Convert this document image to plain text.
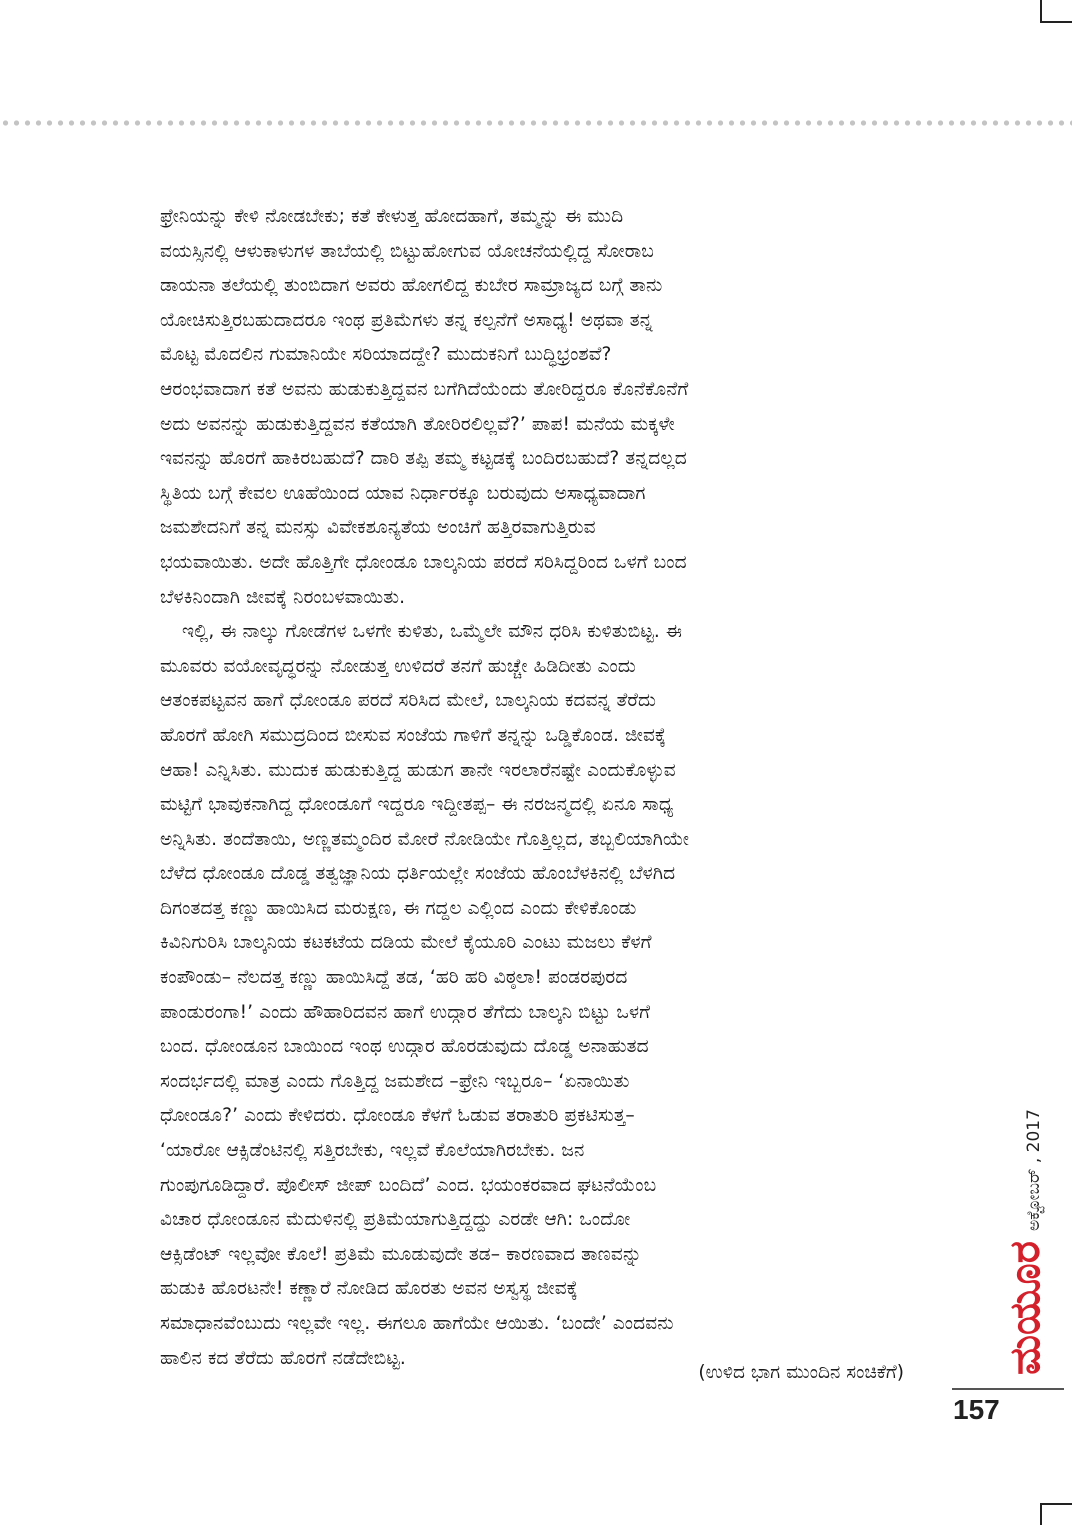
ಫ್ರೇನಿಯನ್ನು ಕೇಳಿ ನೋಡಬೇಕು; ಕತೆ ಕೇಳುತ್ತ ಹೋದಹಾಗೆ, ತಮ್ಮನ್ನು ಈ ಮುದಿ
ವಯಸ್ಸಿನಲ್ಲಿ ಆಳುಕಾಳುಗಳ ತಾಬೆಯಲ್ಲಿ ಬಿಟ್ಟುಹೋಗುವ ಯೋಚನೆಯಲ್ಲಿದ್ದ ಸೋರಾಬ
ಡಾಯನಾ ತಲೆಯಲ್ಲಿ ತುಂಬಿದಾಗ ಅವರು ಹೋಗಲಿದ್ದ ಕುಬೇರ ಸಾಮ್ರಾಜ್ಯದ ಬಗ್ಗೆ ತಾನು
ಯೋಚಿಸುತ್ತಿರಬಹುದಾದರೂ ಇಂಥ ಪ್ರತಿಮೆಗಳು ತನ್ನ ಕಲ್ಪನೆಗೆ ಅಸಾಧ್ಯ! ಅಥವಾ ತನ್ನ
ಮೊಟ್ಟ ಮೊದಲಿನ ಗುಮಾನಿಯೇ ಸರಿಯಾದದ್ದೇ? ಮುದುಕನಿಗೆ ಬುದ್ಧಿಭ್ರಂಶವೆ?
ಆರಂಭವಾದಾಗ ಕತೆ ಅವನು ಹುಡುಕುತ್ತಿದ್ದವನ ಬಗೆಗಿದೆಯೆಂದು ತೋರಿದ್ದರೂ ಕೊನೆಕೊನೆಗೆ
ಅದು ಅವನನ್ನು ಹುಡುಕುತ್ತಿದ್ದವನ ಕತೆಯಾಗಿ ತೋರಿರಲಿಲ್ಲವೆ?’ ಪಾಪ! ಮನೆಯ ಮಕ್ಕಳೇ
ಇವನನ್ನು ಹೊರಗೆ ಹಾಕಿರಬಹುದೆ? ದಾರಿ ತಪ್ಪಿ ತಮ್ಮ ಕಟ್ಟಡಕ್ಕೆ ಬಂದಿರಬಹುದೆ? ತನ್ನದಲ್ಲದ
ಸ್ಥಿತಿಯ ಬಗ್ಗೆ ಕೇವಲ ಊಹೆಯಿಂದ ಯಾವ ನಿರ್ಧಾರಕ್ಕೂ ಬರುವುದು ಅಸಾಧ್ಯವಾದಾಗ
ಜಮಶೇದನಿಗೆ ತನ್ನ ಮನಸ್ಸು ವಿವೇಕಶೂನ್ಯತೆಯ ಅಂಚಿಗೆ ಹತ್ತಿರವಾಗುತ್ತಿರುವ
ಭಯವಾಯಿತು. ಅದೇ ಹೊತ್ತಿಗೇ ಧೋಂಡೂ ಬಾಲ್ಕನಿಯ ಪರದೆ ಸರಿಸಿದ್ದರಿಂದ ಒಳಗೆ ಬಂದ
ಬೆಳಕಿನಿಂದಾಗಿ ಜೀವಕ್ಕೆ ನಿರಂಬಳವಾಯಿತು.

ಇಲ್ಲಿ, ಈ ನಾಲ್ಕು ಗೋಡೆಗಳ ಒಳಗೇ ಕುಳಿತು, ಒಮ್ಮೆಲೇ ಮೌನ ಧರಿಸಿ ಕುಳಿತುಬಿಟ್ಟ. ಈ
ಮೂವರು ವಯೋವೃದ್ಧರನ್ನು ನೋಡುತ್ತ ಉಳಿದರೆ ತನಗೆ ಹುಚ್ಚೇ ಹಿಡಿದೀತು ಎಂದು
ಆತಂಕಪಟ್ಟವನ ಹಾಗೆ ಧೋಂಡೂ ಪರದೆ ಸರಿಸಿದ ಮೇಲೆ, ಬಾಲ್ಕನಿಯ ಕದವನ್ನ ತೆರೆದು
ಹೊರಗೆ ಹೋಗಿ ಸಮುದ್ರದಿಂದ ಬೀಸುವ ಸಂಜೆಯ ಗಾಳಿಗೆ ತನ್ನನ್ನು ಒಡ್ಡಿಕೊಂಡ. ಜೀವಕ್ಕೆ
ಆಹಾ! ಎನ್ನಿಸಿತು. ಮುದುಕ ಹುಡುಕುತ್ತಿದ್ದ ಹುಡುಗ ತಾನೇ ಇರಲಾರೆನಷ್ಟೇ ಎಂದುಕೊಳ್ಳುವ
ಮಟ್ಟಿಗೆ ಭಾವುಕನಾಗಿದ್ದ ಧೋಂಡೂಗೆ ಇದ್ದರೂ ಇದ್ದೀತಪ್ಪ– ಈ ನರಜನ್ಮದಲ್ಲಿ ಏನೂ ಸಾಧ್ಯ
ಅನ್ನಿಸಿತು. ತಂದೆತಾಯಿ, ಅಣ್ಣತಮ್ಮಂದಿರ ಮೋರೆ ನೋಡಿಯೇ ಗೊತ್ತಿಲ್ಲದ, ತಬ್ಬಲಿಯಾಗಿಯೇ
ಬೆಳೆದ ಧೋಂಡೂ ದೊಡ್ಡ ತತ್ವಜ್ಞಾನಿಯ ಧರ್ತಿಯಲ್ಲೇ ಸಂಜೆಯ ಹೊಂಬೆಳಕಿನಲ್ಲಿ ಬೆಳಗಿದ
ದಿಗಂತದತ್ತ ಕಣ್ಣು ಹಾಯಿಸಿದ ಮರುಕ್ಷಣ, ಈ ಗದ್ದಲ ಎಲ್ಲಿಂದ ಎಂದು ಕೇಳಿಕೊಂಡು
ಕಿವಿನಿಗುರಿಸಿ ಬಾಲ್ಕನಿಯ ಕಟಕಟೆಯ ದಡಿಯ ಮೇಲೆ ಕೈಯೂರಿ ಎಂಟು ಮಜಲು ಕೆಳಗೆ
ಕಂಪೌಂಡು– ನೆಲದತ್ತ ಕಣ್ಣು ಹಾಯಿಸಿದ್ದೆ ತಡ, ‘ಹರಿ ಹರಿ ವಿಠ್ಠಲಾ! ಪಂಡರಪುರದ
ಪಾಂಡುರಂಗಾ!’ ಎಂದು ಹೌಹಾರಿದವನ ಹಾಗೆ ಉದ್ಗಾರ ತೆಗೆದು ಬಾಲ್ಕನಿ ಬಿಟ್ಟು ಒಳಗೆ
ಬಂದ. ಧೋಂಡೂನ ಬಾಯಿಂದ ಇಂಥ ಉದ್ಗಾರ ಹೊರಡುವುದು ದೊಡ್ಡ ಅನಾಹುತದ
ಸಂದರ್ಭದಲ್ಲಿ ಮಾತ್ರ ಎಂದು ಗೊತ್ತಿದ್ದ ಜಮಶೇದ –ಫ್ರೇನಿ ಇಬ್ಬರೂ– ‘ಏನಾಯಿತು
ಧೋಂಡೂ?’ ಎಂದು ಕೇಳಿದರು. ಧೋಂಡೂ ಕೆಳಗೆ ಓಡುವ ತರಾತುರಿ ಪ್ರಕಟಿಸುತ್ತ–
‘ಯಾರೋ ಆಕ್ಸಿಡೆಂಟಿನಲ್ಲಿ ಸತ್ತಿರಬೇಕು, ಇಲ್ಲವೆ ಕೊಲೆಯಾಗಿರಬೇಕು. ಜನ
ಗುಂಪುಗೂಡಿದ್ದಾರೆ. ಪೊಲೀಸ್ ಜೀಪ್ ಬಂದಿದೆ’ ಎಂದ. ಭಯಂಕರವಾದ ಘಟನೆಯೆಂಬ
ವಿಚಾರ ಧೋಂಡೂನ ಮೆದುಳಿನಲ್ಲಿ ಪ್ರತಿಮೆಯಾಗುತ್ತಿದ್ದದ್ದು ಎರಡೇ ಆಗಿ: ಒಂದೋ
ಆಕ್ಸಿಡೆಂಟ್ ಇಲ್ಲವೋ ಕೊಲೆ! ಪ್ರತಿಮೆ ಮೂಡುವುದೇ ತಡ– ಕಾರಣವಾದ ತಾಣವನ್ನು
ಹುಡುಕಿ ಹೊರಟನೇ! ಕಣ್ಣಾರೆ ನೋಡಿದ ಹೊರತು ಅವನ ಅಸ್ವಸ್ಥ ಜೀವಕ್ಕೆ
ಸಮಾಧಾನವೆಂಬುದು ಇಲ್ಲವೇ ಇಲ್ಲ. ಈಗಲೂ ಹಾಗೆಯೇ ಆಯಿತು. ‘ಬಂದೇ’ ಎಂದವನು
ಹಾಲಿನ ಕದ ತೆರೆದು ಹೊರಗೆ ನಡೆದೇಬಿಟ್ಟ.

(ಉಳಿದ ಭಾಗ ಮುಂದಿನ ಸಂಚಿಕೆಗೆ) ಮಯೂರ
ಅಕ್ಟೋಬರ್ , 2017
157
